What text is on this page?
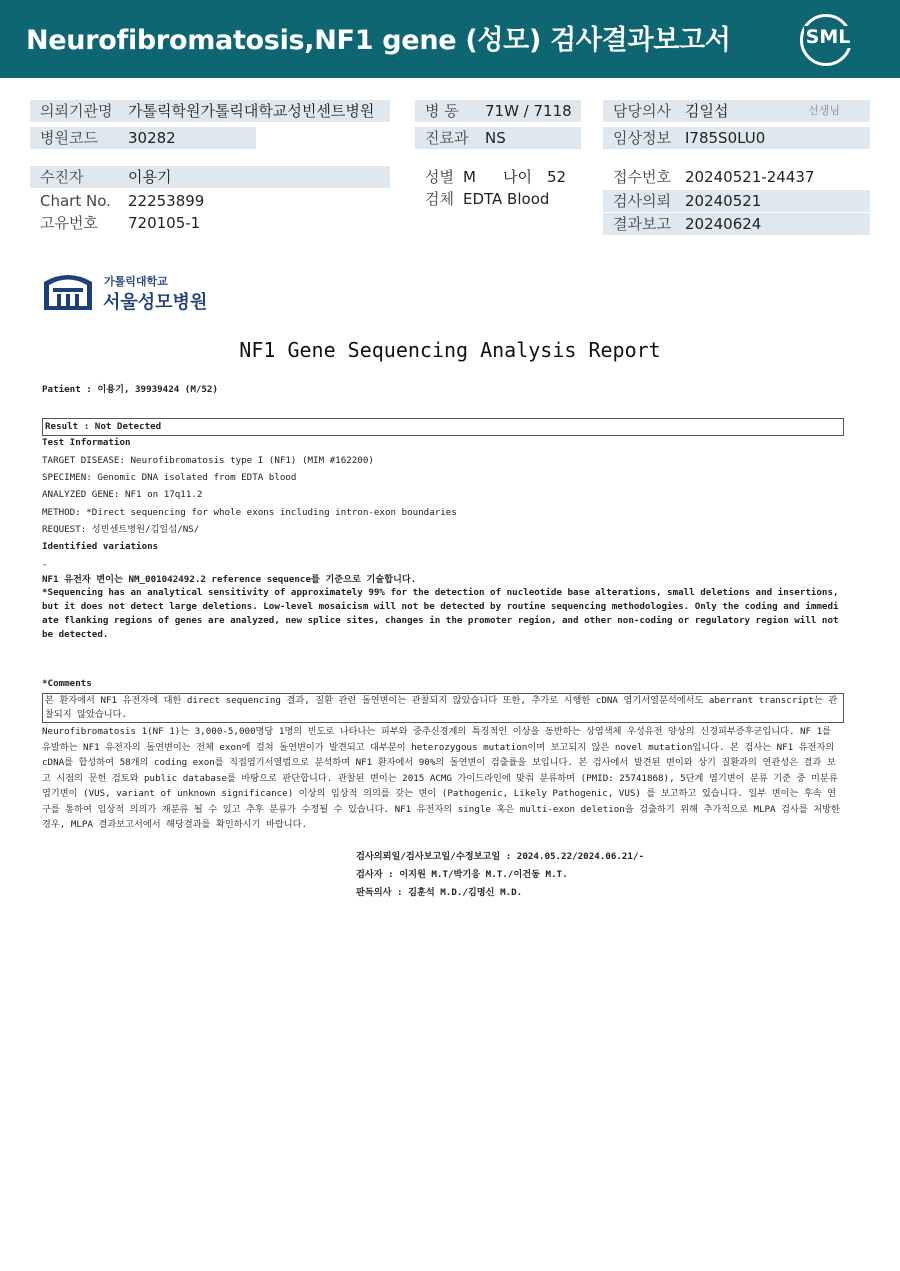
Neurofibromatosis,NF1 gene (성모) 검사결과보고서	SML
의뢰기관명 가톨릭학원가톨릭대학교성빈센트병원
병원코드 30282
병 동 71W / 7118
진료과 NS
담당의사 김일섭	선생님
임상정보 I785S0LU0
수진자	이용기
Chart No. 22253899
고유번호 720105-1
성별 M 나이 52
검체 EDTA Blood
접수번호 20240521-24437
검사의뢰 20240521
결과보고 20240624
가톨릭대학교
서울성모병원
NF1 Gene Sequencing Analysis Report
Patient : 이용기, 39939424 (M/52)
Result : Not Detected
Test Information
TARGET DISEASE: Neurofibromatosis type I (NF1) (MIM #162200)
SPECIMEN: Genomic DNA isolated from EDTA blood
ANALYZED GENE: NF1 on 17q11.2
METHOD: *Direct sequencing for whole exons including intron-exon boundaries
REQUEST: 성빈센트병원/김일섭/NS/
Identified variations
-
NF1 유전자 변이는 NM_001042492.2 reference sequence를 기준으로 기술합니다.
*Sequencing has an analytical sensitivity of approximately 99% for the detection of nucleotide base alterations, small deletions and insertions, but it does not detect large deletions. Low-level mosaicism will not be detected by routine sequencing methodologies. Only the coding and immediate flanking regions of genes are analyzed, new splice sites, changes in the promoter region, and other non-coding or regulatory region will not be detected.
*Comments
본 환자에서 NF1 유전자에 대한 direct sequencing 결과, 질환 관련 돌연변이는 관찰되지 않았습니다 또한, 추가로 시행한 cDNA 염기서열분석에서도 aberrant transcript는 관찰되지 않았습니다.
Neurofibromatosis 1(NF 1)는 3,000-5,000명당 1명의 빈도로 나타나는 피부와 중추신경계의 특징적인 이상을 동반하는 상염색체 우성유전 양상의 신경피부증후군입니다. NF 1를 유발하는 NF1 유전자의 돌연변이는 전체 exon에 걸쳐 돌연변이가 발견되고 대부분이 heterozygous mutation이며 보고되지 않은 novel mutation입니다. 본 검사는 NF1 유전자의 cDNA를 합성하여 58개의 coding exon를 직접염기서열법으로 분석하며 NF1 환자에서 90%의 돌연변이 검출률을 보입니다. 본 검사에서 발견된 변이와 상기 질환과의 연관성은 결과 보고 시점의 문헌 검토와 public database를 바탕으로 판단합니다. 관찰된 변이는 2015 ACMG 가이드라인에 맞춰 분류하며 (PMID: 25741868), 5단계 염기변이 분류 기준 중 미분류 염기변이 (VUS, variant of unknown significance) 이상의 임상적 의의를 갖는 변이 (Pathogenic, Likely Pathogenic, VUS) 를 보고하고 있습니다. 일부 변이는 후속 연구를 통하여 임상적 의의가 재분류 될 수 있고 추후 분류가 수정될 수 있습니다. NF1 유전자의 single 혹은 multi-exon deletion을 검출하기 위해 추가적으로 MLPA 검사를 처방한 경우, MLPA 결과보고서에서 해당결과를 확인하시기 바랍니다.
검사의뢰일/검사보고일/수정보고일 : 2024.05.22/2024.06.21/-
검사자 : 이지원 M.T/박기응 M.T./이건동 M.T.
판독의사 : 김훈석 M.D./김명신 M.D.
